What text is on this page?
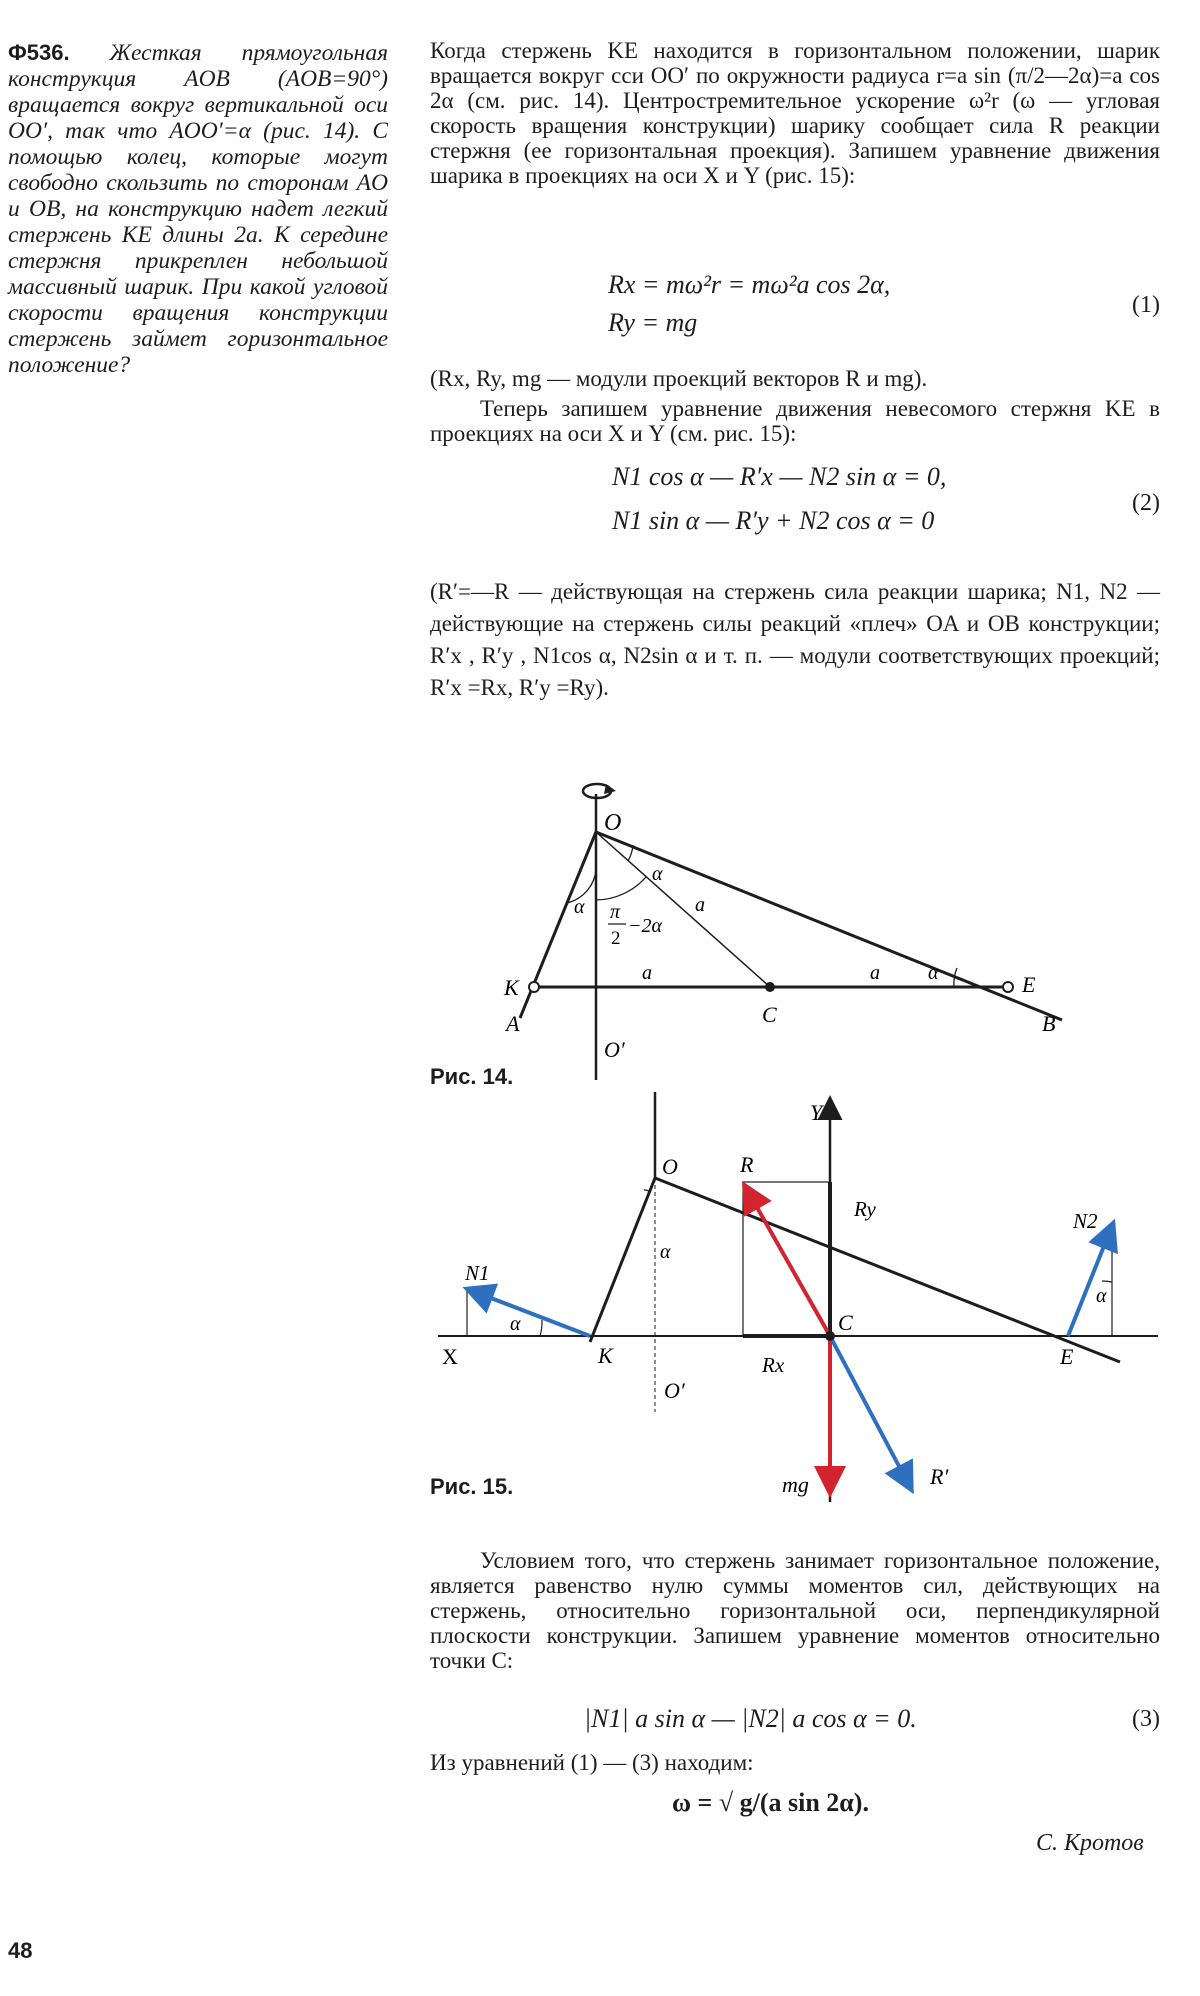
Ф536. Жесткая прямоугольная конструкция AOB (AOB=90°) вращается вокруг вертикальной оси OO′, так что AOO′=α (рис. 14). С помощью колец, которые могут свободно скользить по сторонам AO и OB, на конструкцию надет легкий стержень KE длины 2a. К середине стержня прикреплен небольшой массивный шарик. При какой угловой скорости вращения конструкции стержень займет горизонтальное положение?
Когда стержень KE находится в горизонтальном положении, шарик вращается вокруг сси OO′ по окружности радиуса r=a sin (π/2—2α)=a cos 2α (см. рис. 14). Центростремительное ускорение ω²r (ω — угловая скорость вращения конструкции) шарику сообщает сила R реакции стержня (ее горизонтальная проекция). Запишем уравнение движения шарика в проекциях на оси X и Y (рис. 15):
Rx = mω²r = mω²a cos 2α,
Ry = mg
(1)
(Rx, Ry, mg — модули проекций векторов R и mg).
Теперь запишем уравнение движения невесомого стержня KE в проекциях на оси X и Y (см. рис. 15):
N1 cos α — R′x — N2 sin α = 0,
N1 sin α — R′y + N2 cos α = 0
(2)
(R′=—R — действующая на стержень сила реакции шарика; N1, N2 — действующие на стержень силы реакций «плеч» OA и OB конструкции; R′x , R′y , N1cos α, N2sin α и т. п. — модули соответствующих проекций; R′x =Rx, R′y =Ry).
O
K
A	C
E
B
O′
α
α
a
π
2
−2α
a	a α
Рис. 14.
Y
X
O	R
Ry
N1
N2
α
α
α
K
C
E
Rx
O′
mg	R′
Рис. 15.
Условием того, что стержень занимает горизонтальное положение, является равенство нулю суммы моментов сил, действующих на стержень, относительно горизонтальной оси, перпендикулярной плоскости конструкции. Запишем уравнение моментов относительно точки C:
|N1| a sin α — |N2| a cos α = 0.	(3)
Из уравнений (1) — (3) находим:
ω = √ g/(a sin 2α).
С. Кротов
48
